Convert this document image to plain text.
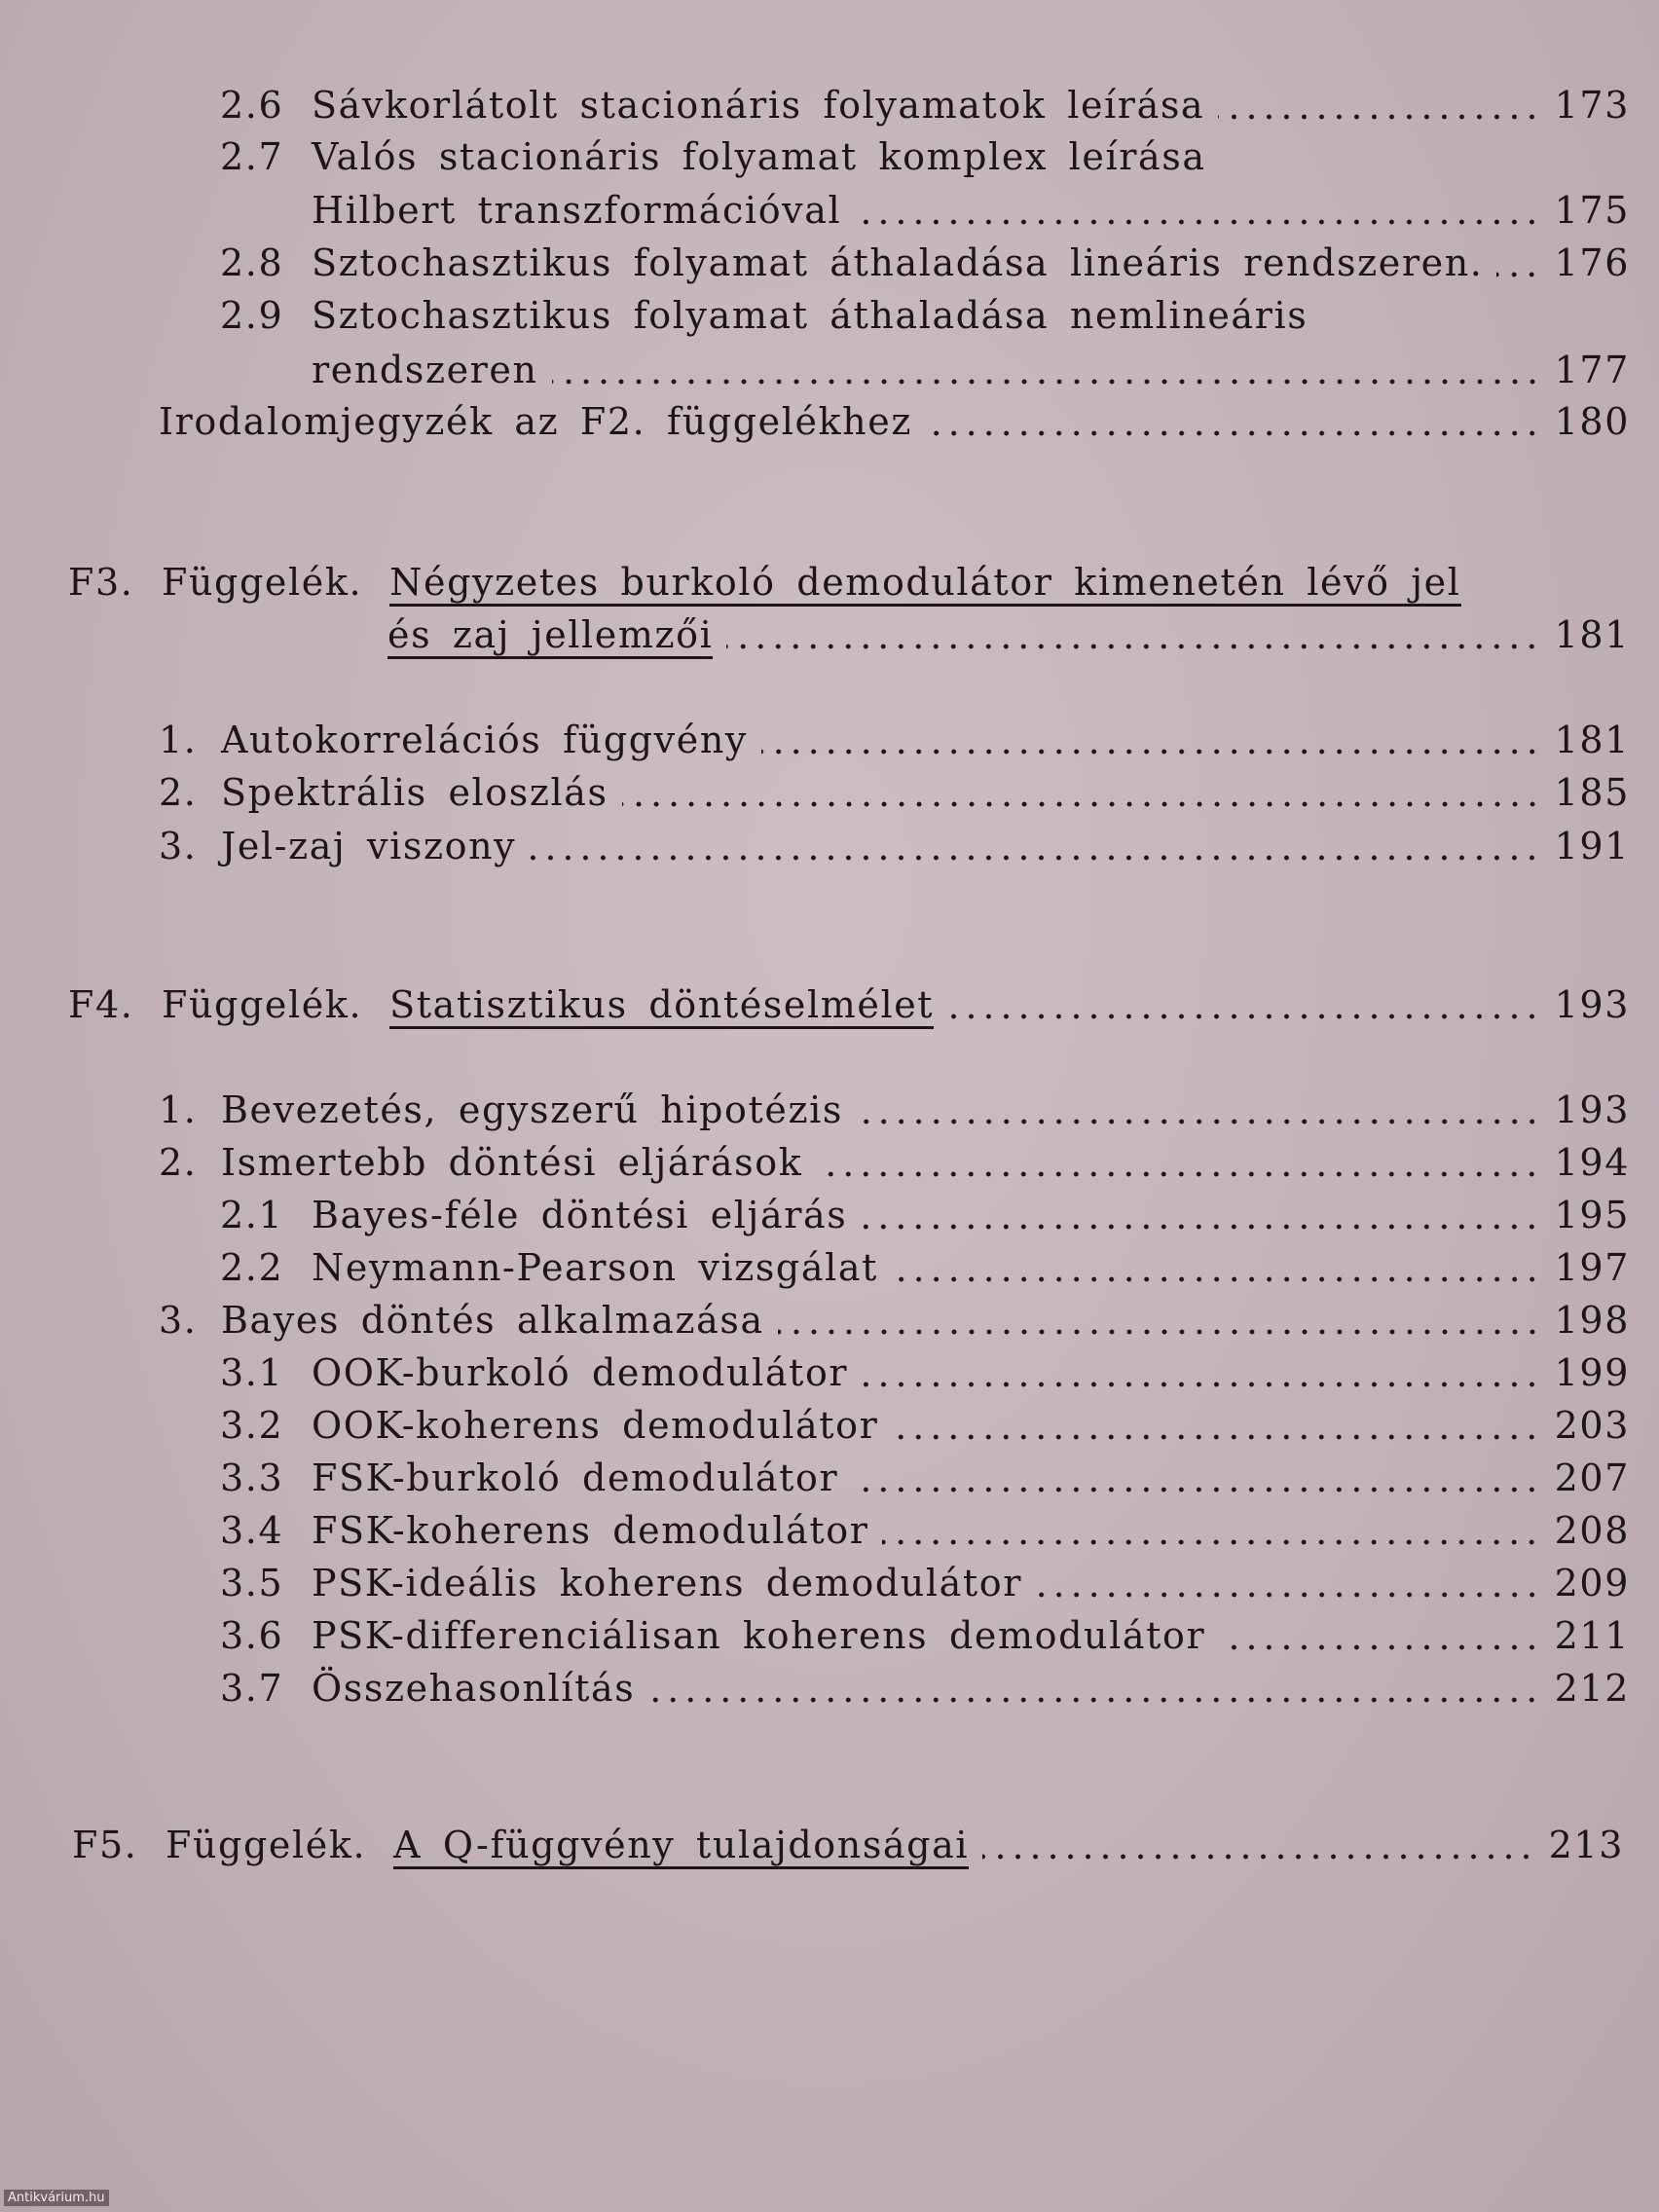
F3. Függelék. Négyzetes burkoló demodulátor kimenetén lévő jel
és zaj jellemzői	181
F4. Függelék. Statisztikus döntéselmélet	193
F5. Függelék. A Q-függvény tulajdonságai	213
2.6 Sávkorlátolt stacionáris folyamatok leírása	173
2.7 Valós stacionáris folyamat komplex leírása
Hilbert transzformációval	175
2.8 Sztochasztikus folyamat áthaladása lineáris rendszeren. 176
2.9 Sztochasztikus folyamat áthaladása nemlineáris
rendszeren	177
Irodalomjegyzék az F2. függelékhez	180
1. Autokorrelációs függvény	181
2. Spektrális eloszlás	185
3. Jel-zaj viszony	191
1. Bevezetés, egyszerű hipotézis	193
2. Ismertebb döntési eljárások	194
2.1 Bayes-féle döntési eljárás	195
2.2 Neymann-Pearson vizsgálat	197
3. Bayes döntés alkalmazása	198
3.1 OOK-burkoló demodulátor	199
3.2 OOK-koherens demodulátor	203
3.3 FSK-burkoló demodulátor	207
3.4 FSK-koherens demodulátor	208
3.5 PSK-ideális koherens demodulátor	209
3.6 PSK-differenciálisan koherens demodulátor	211
3.7 Összehasonlítás	212
Antikvárium.hu
